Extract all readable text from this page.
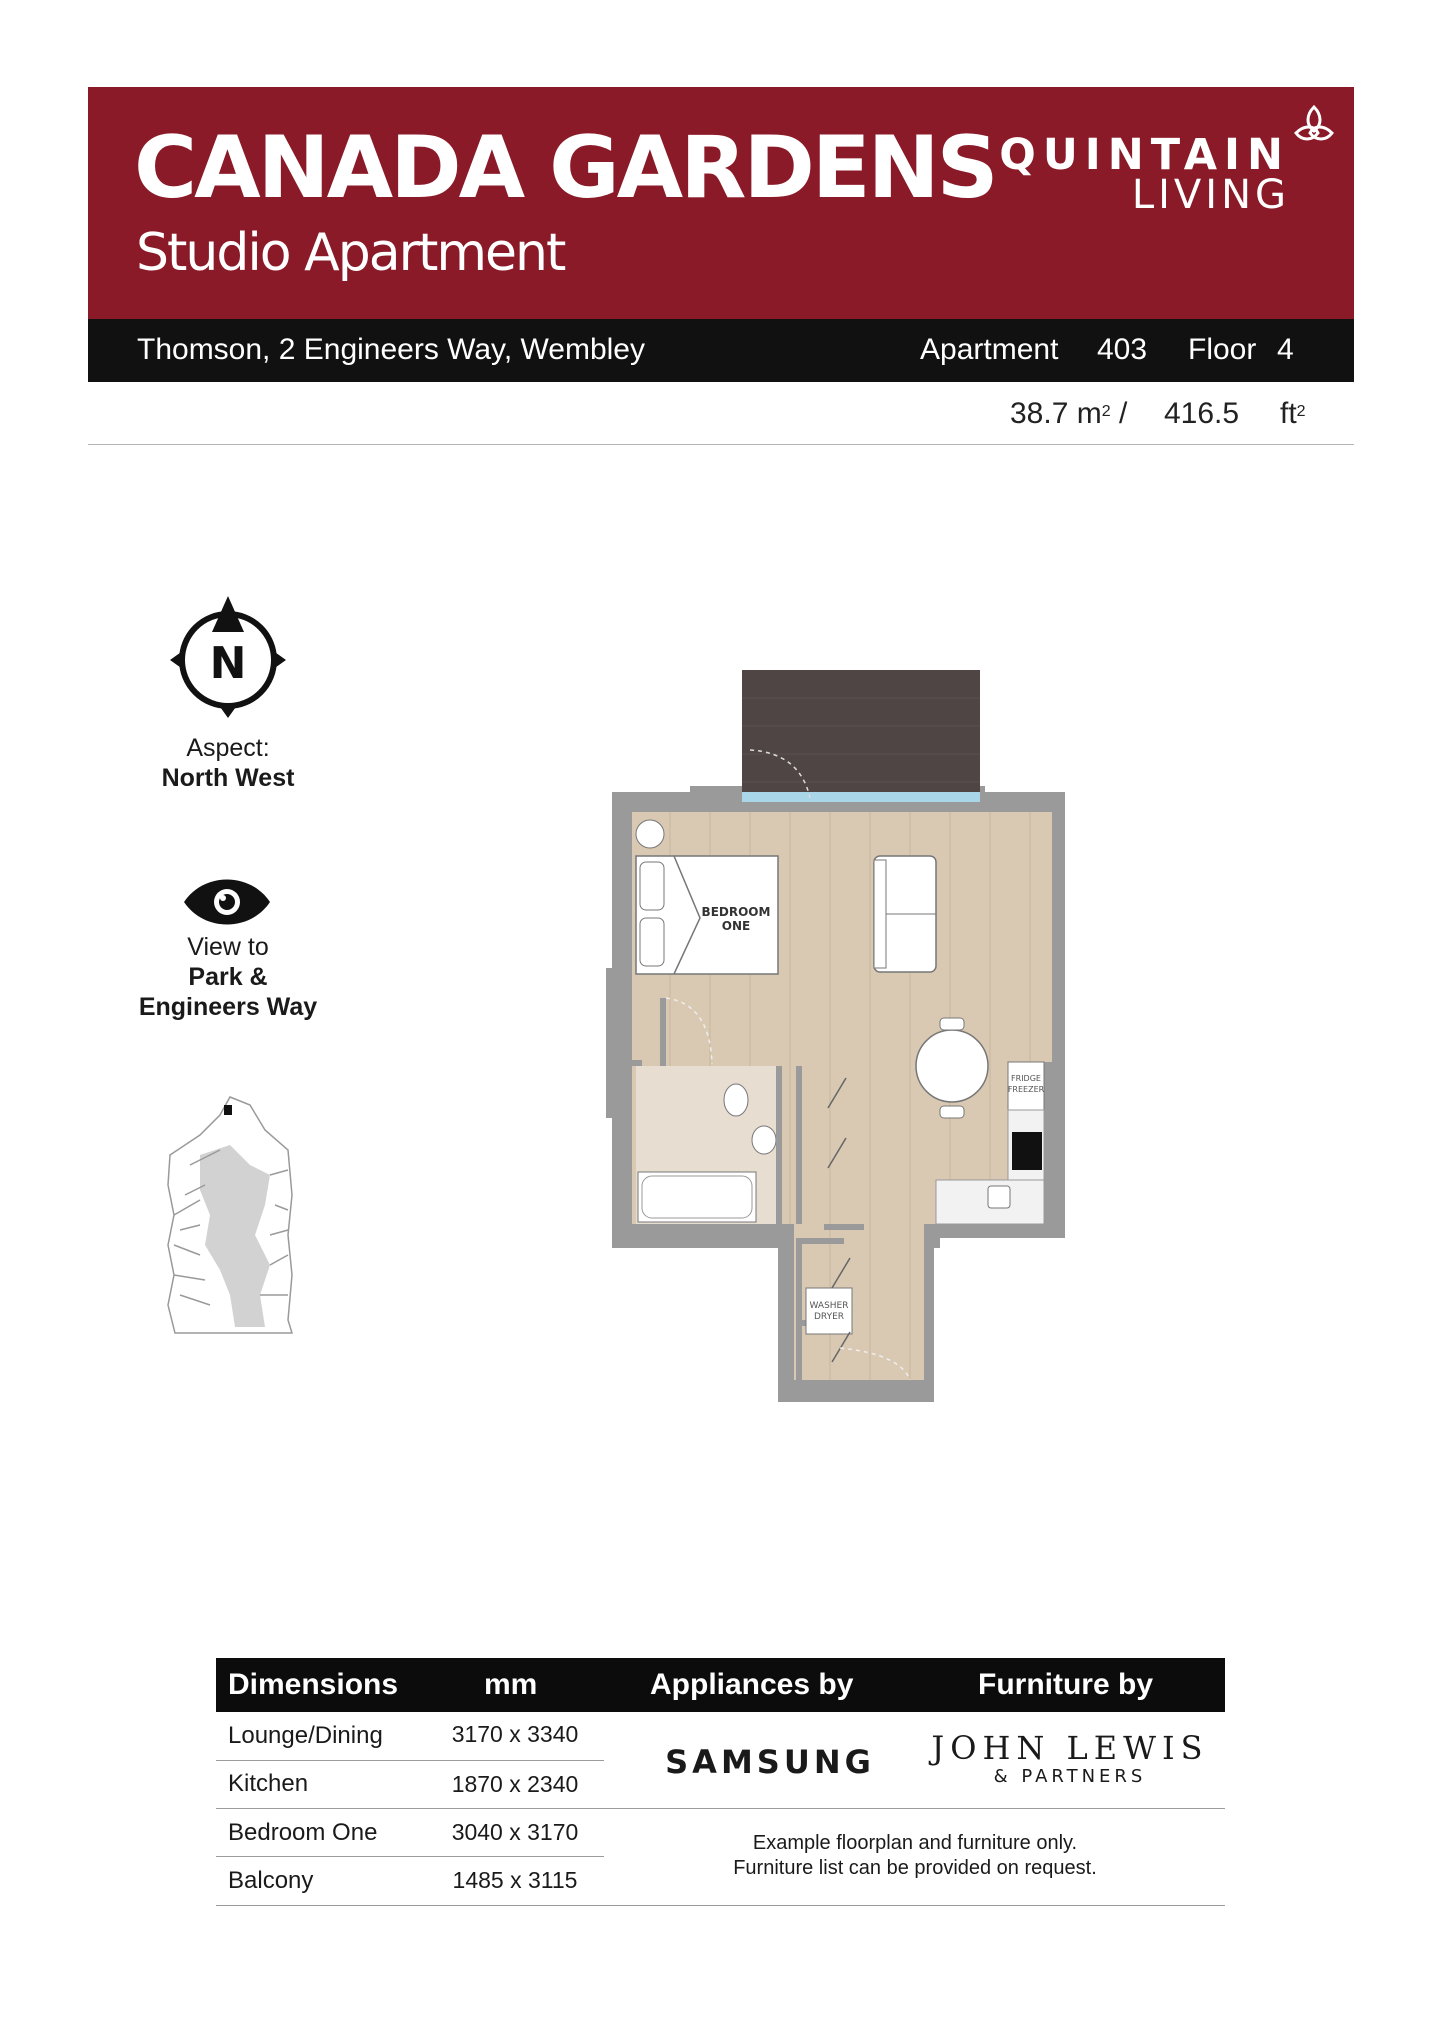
CANADA GARDENS
Studio Apartment
QUINTAIN
LIVING
Thomson, 2 Engineers Way, Wembley	Apartment 403 Floor 4
38.7 $m^2 / 416.5$ $ft^2$
N
Aspect:
North West
View to
Park &
Engineers Way
BEDROOM
ONE
WASHER
DRYER
FRIDGE
FREEZER
Dimensions	mm	Appliances by	Furniture by
Lounge/Dining	3170 x 3340
Kitchen	1870 x 2340
Bedroom One	3040 x 3170
Balcony	1485 x 3115
SAMSUNG	JOHN LEWIS
& PARTNERS
Example floorplan and furniture only.
Furniture list can be provided on request.
